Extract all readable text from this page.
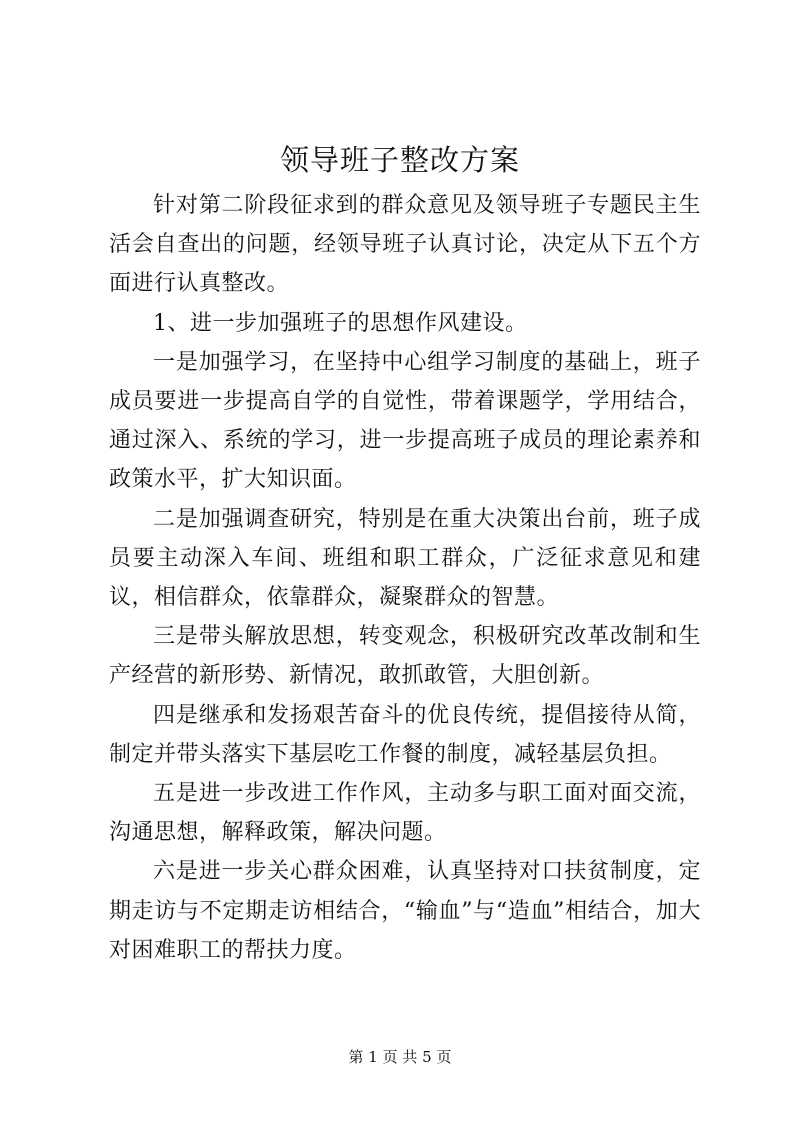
领导班子整改方案

针对第二阶段征求到的群众意见及领导班子专题民主生活会自查出的问题，经领导班子认真讨论，决定从下五个方面进行认真整改。

1、进一步加强班子的思想作风建设。

一是加强学习，在坚持中心组学习制度的基础上，班子成员要进一步提高自学的自觉性，带着课题学，学用结合，通过深入、系统的学习，进一步提高班子成员的理论素养和政策水平，扩大知识面。

二是加强调查研究，特别是在重大决策出台前，班子成员要主动深入车间、班组和职工群众，广泛征求意见和建议，相信群众，依靠群众，凝聚群众的智慧。

三是带头解放思想，转变观念，积极研究改革改制和生产经营的新形势、新情况，敢抓敢管，大胆创新。

四是继承和发扬艰苦奋斗的优良传统，提倡接待从简，制定并带头落实下基层吃工作餐的制度，减轻基层负担。

五是进一步改进工作作风，主动多与职工面对面交流，沟通思想，解释政策，解决问题。

六是进一步关心群众困难，认真坚持对口扶贫制度，定期走访与不定期走访相结合，“输血”与“造血”相结合，加大对困难职工的帮扶力度。

第 1 页 共 5 页
